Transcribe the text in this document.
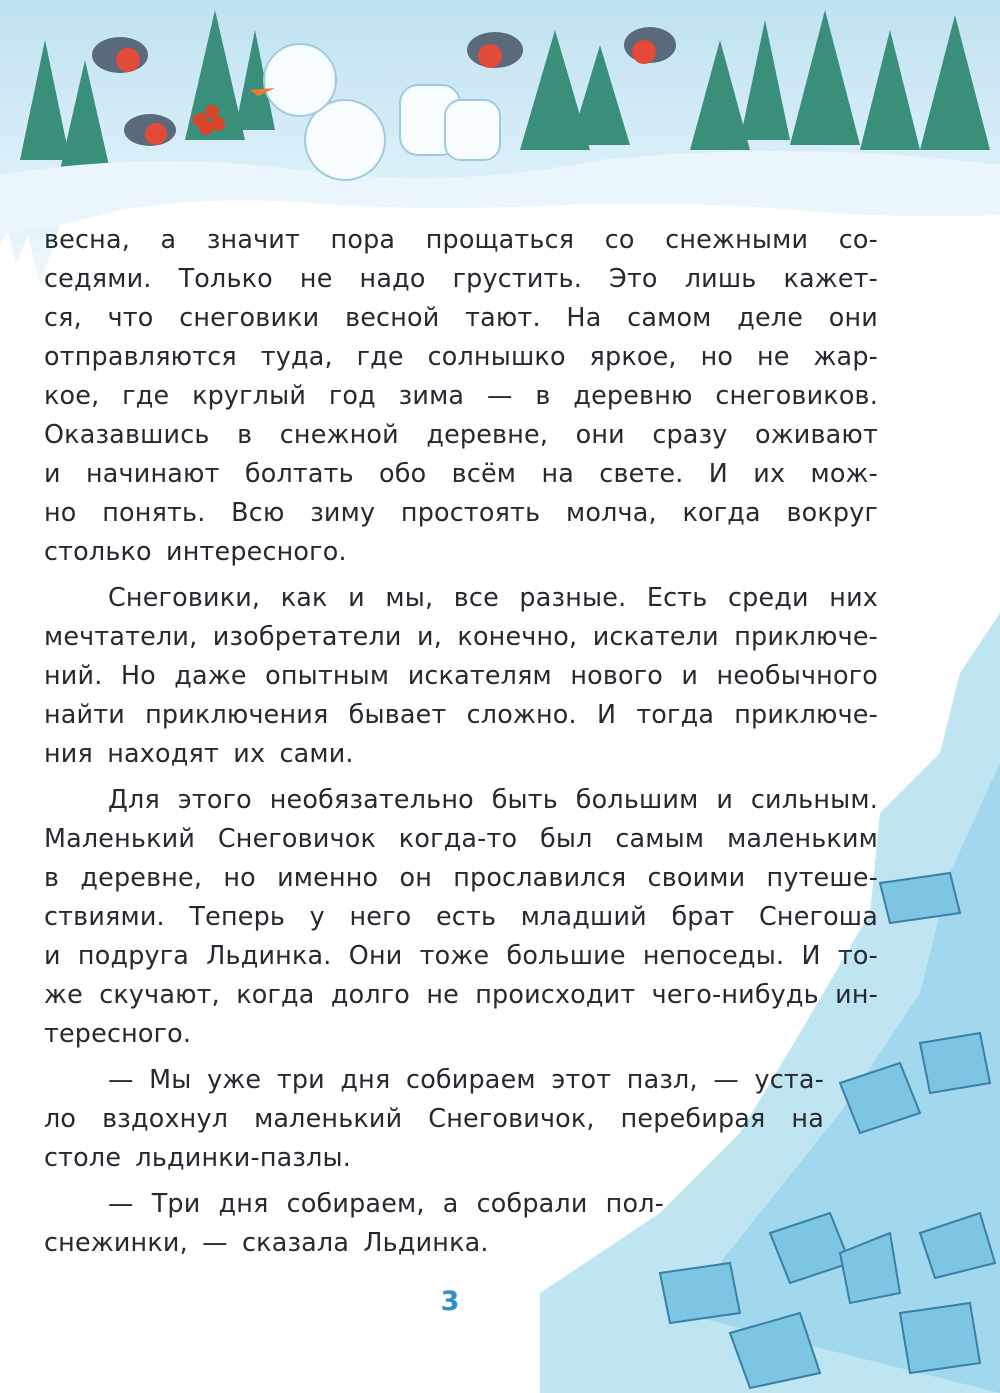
весна, а значит пора прощаться со снежными со-
седями. Только не надо грустить. Это лишь кажет-
ся, что снеговики весной тают. На самом деле они
отправляются туда, где солнышко яркое, но не жар-
кое, где круглый год зима — в деревню снеговиков.
Оказавшись в снежной деревне, они сразу оживают
и начинают болтать обо всём на свете. И их мож-
но понять. Всю зиму простоять молча, когда вокруг
столько интересного.
Снеговики, как и мы, все разные. Есть среди них
мечтатели, изобретатели и, конечно, искатели приключе-
ний. Но даже опытным искателям нового и необычного
найти приключения бывает сложно. И тогда приключе-
ния находят их сами.
Для этого необязательно быть большим и сильным.
Маленький Снеговичок когда-то был самым маленьким
в деревне, но именно он прославился своими путеше-
ствиями. Теперь у него есть младший брат Снегоша
и подруга Льдинка. Они тоже большие непоседы. И то-
же скучают, когда долго не происходит чего-нибудь ин-
тересного.
— Мы уже три дня собираем этот пазл, — уста-
ло вздохнул маленький Снеговичок, перебирая на
столе льдинки-пазлы.
— Три дня собираем, а собрали пол-
снежинки, — сказала Льдинка.
3
